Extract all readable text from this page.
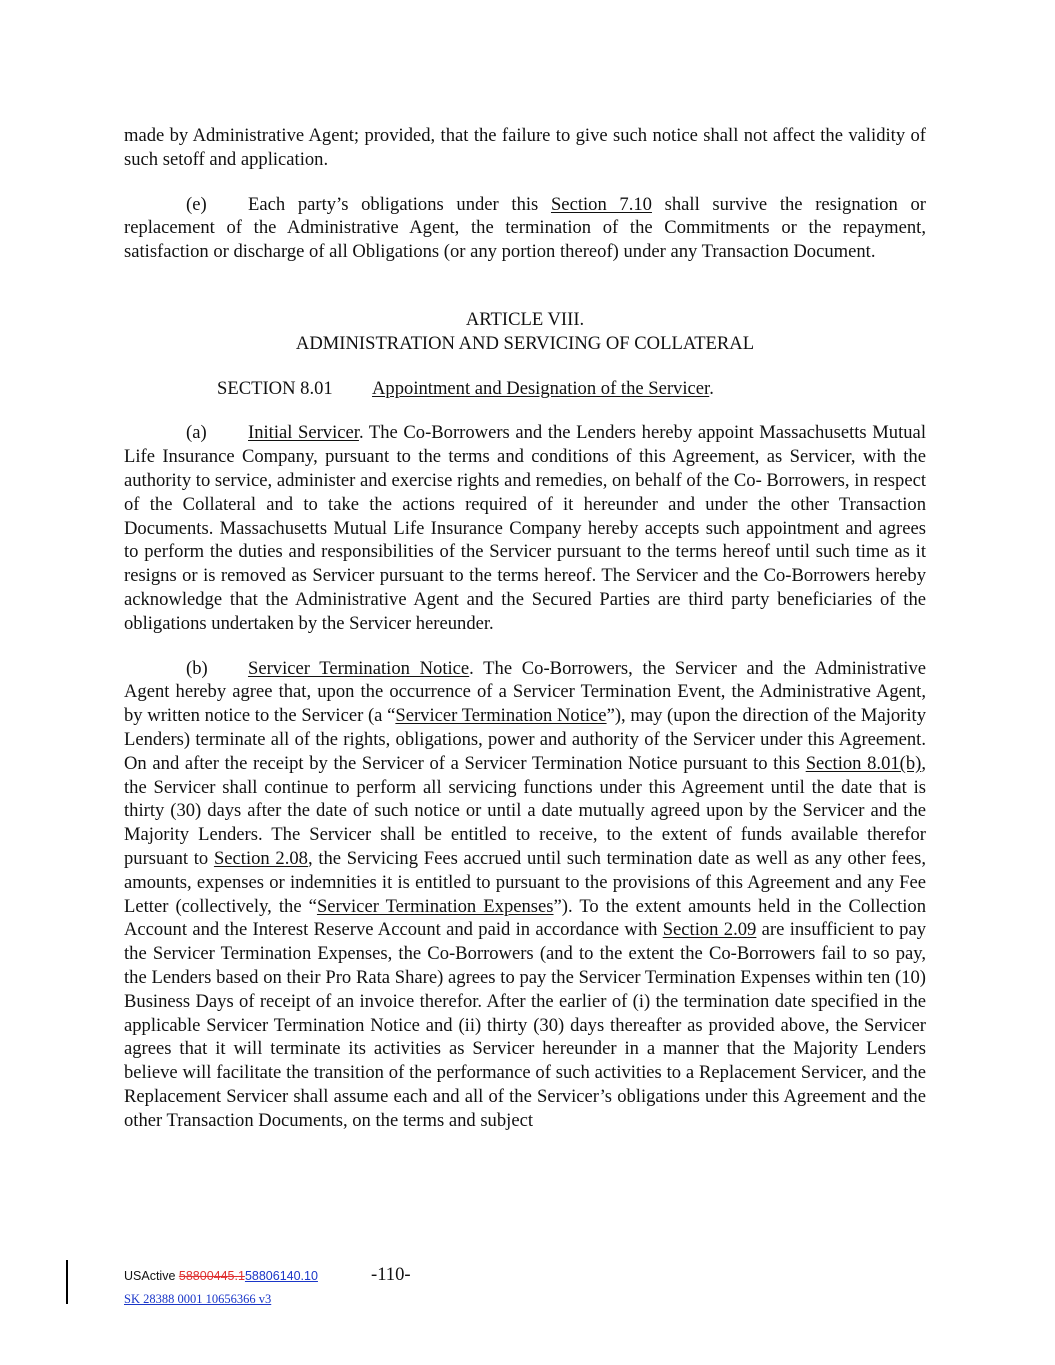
made by Administrative Agent; provided, that the failure to give such notice shall not affect the validity of such setoff and application.

(e) Each party’s obligations under this Section 7.10 shall survive the resignation or replacement of the Administrative Agent, the termination of the Commitments or the repayment, satisfaction or discharge of all Obligations (or any portion thereof) under any Transaction Document.

ARTICLE VIII.

ADMINISTRATION AND SERVICING OF COLLATERAL

SECTION 8.01 Appointment and Designation of the Servicer.

(a) Initial Servicer. The Co-Borrowers and the Lenders hereby appoint Massachusetts Mutual Life Insurance Company, pursuant to the terms and conditions of this Agreement, as Servicer, with the authority to service, administer and exercise rights and remedies, on behalf of the Co- Borrowers, in respect of the Collateral and to take the actions required of it hereunder and under the other Transaction Documents. Massachusetts Mutual Life Insurance Company hereby accepts such appointment and agrees to perform the duties and responsibilities of the Servicer pursuant to the terms hereof until such time as it resigns or is removed as Servicer pursuant to the terms hereof. The Servicer and the Co-Borrowers hereby acknowledge that the Administrative Agent and the Secured Parties are third party beneficiaries of the obligations undertaken by the Servicer hereunder.

(b) Servicer Termination Notice. The Co-Borrowers, the Servicer and the Administrative Agent hereby agree that, upon the occurrence of a Servicer Termination Event, the Administrative Agent, by written notice to the Servicer (a “Servicer Termination Notice”), may (upon the direction of the Majority Lenders) terminate all of the rights, obligations, power and authority of the Servicer under this Agreement. On and after the receipt by the Servicer of a Servicer Termination Notice pursuant to this Section 8.01(b), the Servicer shall continue to perform all servicing functions under this Agreement until the date that is thirty (30) days after the date of such notice or until a date mutually agreed upon by the Servicer and the Majority Lenders. The Servicer shall be entitled to receive, to the extent of funds available therefor pursuant to Section 2.08, the Servicing Fees accrued until such termination date as well as any other fees, amounts, expenses or indemnities it is entitled to pursuant to the provisions of this Agreement and any Fee Letter (collectively, the “Servicer Termination Expenses”). To the extent amounts held in the Collection Account and the Interest Reserve Account and paid in accordance with Section 2.09 are insufficient to pay the Servicer Termination Expenses, the Co-Borrowers (and to the extent the Co-Borrowers fail to so pay, the Lenders based on their Pro Rata Share) agrees to pay the Servicer Termination Expenses within ten (10) Business Days of receipt of an invoice therefor. After the earlier of (i) the termination date specified in the applicable Servicer Termination Notice and (ii) thirty (30) days thereafter as provided above, the Servicer agrees that it will terminate its activities as Servicer hereunder in a manner that the Majority Lenders believe will facilitate the transition of the performance of such activities to a Replacement Servicer, and the Replacement Servicer shall assume each and all of the Servicer’s obligations under this Agreement and the other Transaction Documents, on the terms and subject

USActive 58800445.158806140.10	-110-
SK 28388 0001 10656366 v3
